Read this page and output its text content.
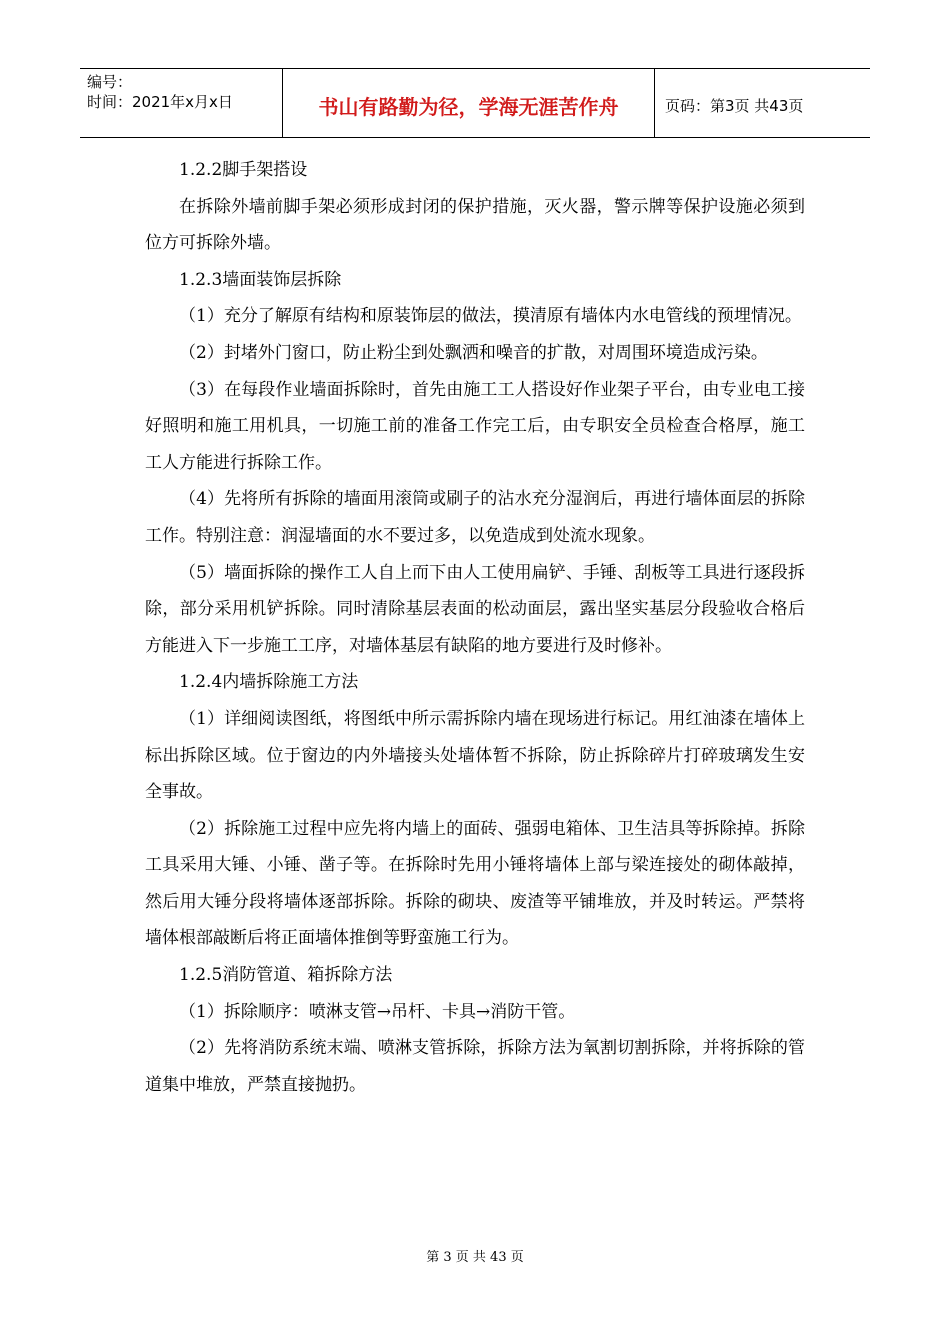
编号：
时间：2021年x月x日	书山有路勤为径，学海无涯苦作舟	页码：第3页 共43页

1.2.2脚手架搭设

在拆除外墙前脚手架必须形成封闭的保护措施，灭火器，警示牌等保护设施必须到位方可拆除外墙。

1.2.3墙面装饰层拆除

（1）充分了解原有结构和原装饰层的做法，摸清原有墙体内水电管线的预埋情况。

（2）封堵外门窗口，防止粉尘到处飘洒和噪音的扩散，对周围环境造成污染。

（3）在每段作业墙面拆除时，首先由施工工人搭设好作业架子平台，由专业电工接好照明和施工用机具，一切施工前的准备工作完工后，由专职安全员检查合格厚，施工工人方能进行拆除工作。

（4）先将所有拆除的墙面用滚筒或刷子的沾水充分湿润后，再进行墙体面层的拆除工作。特别注意：润湿墙面的水不要过多，以免造成到处流水现象。

（5）墙面拆除的操作工人自上而下由人工使用扁铲、手锤、刮板等工具进行逐段拆除，部分采用机铲拆除。同时清除基层表面的松动面层，露出坚实基层分段验收合格后方能进入下一步施工工序，对墙体基层有缺陷的地方要进行及时修补。

1.2.4内墙拆除施工方法

（1）详细阅读图纸，将图纸中所示需拆除内墙在现场进行标记。用红油漆在墙体上标出拆除区域。位于窗边的内外墙接头处墙体暂不拆除，防止拆除碎片打碎玻璃发生安全事故。

（2）拆除施工过程中应先将内墙上的面砖、强弱电箱体、卫生洁具等拆除掉。拆除工具采用大锤、小锤、凿子等。在拆除时先用小锤将墙体上部与梁连接处的砌体敲掉，然后用大锤分段将墙体逐部拆除。拆除的砌块、废渣等平铺堆放，并及时转运。严禁将墙体根部敲断后将正面墙体推倒等野蛮施工行为。

1.2.5消防管道、箱拆除方法

（1）拆除顺序：喷淋支管→吊杆、卡具→消防干管。

（2）先将消防系统末端、喷淋支管拆除，拆除方法为氧割切割拆除，并将拆除的管道集中堆放，严禁直接抛扔。

第 3 页 共 43 页
